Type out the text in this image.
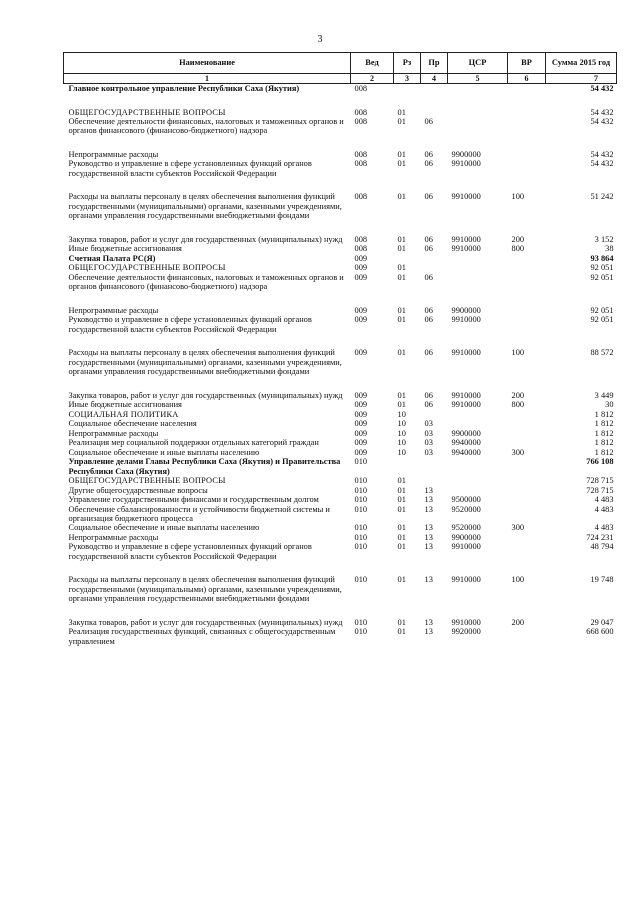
3
Наименование	Вед	Рз	Пр	ЦСР	ВР	Сумма 2015 год
1	2	3	4	5	6	7
Главное контрольное управление Республики Саха (Якутия)	008					54 432

ОБЩЕГОСУДАРСТВЕННЫЕ ВОПРОСЫ	008	01				54 432
Обеспечение деятельности финансовых, налоговых и таможенных органов и органов финансового (финансово-бюджетного) надзора	008	01	06			54 432

Непрограммные расходы	008	01	06	9900000		54 432
Руководство и управление в сфере установленных функций органов государственной власти субъектов Российской Федерации	008	01	06	9910000		54 432

Расходы на выплаты персоналу в целях обеспечения выполнения функций государственными (муниципальными) органами, казенными учреждениями, органами управления государственными внебюджетными фондами	008	01	06	9910000	100	51 242

Закупка товаров, работ и услуг для государственных (муниципальных) нужд	008	01	06	9910000	200	3 152
Иные бюджетные ассигнования	008	01	06	9910000	800	38
Счетная Палата РС(Я)	009					93 864
ОБЩЕГОСУДАРСТВЕННЫЕ ВОПРОСЫ	009	01				92 051
Обеспечение деятельности финансовых, налоговых и таможенных органов и органов финансового (финансово-бюджетного) надзора	009	01	06			92 051

Непрограммные расходы	009	01	06	9900000		92 051
Руководство и управление в сфере установленных функций органов государственной власти субъектов Российской Федерации	009	01	06	9910000		92 051

Расходы на выплаты персоналу в целях обеспечения выполнения функций государственными (муниципальными) органами, казенными учреждениями, органами управления государственными внебюджетными фондами	009	01	06	9910000	100	88 572

Закупка товаров, работ и услуг для государственных (муниципальных) нужд	009	01	06	9910000	200	3 449
Иные бюджетные ассигнования	009	01	06	9910000	800	30
СОЦИАЛЬНАЯ ПОЛИТИКА	009	10				1 812
Социальное обеспечение населения	009	10	03			1 812
Непрограммные расходы	009	10	03	9900000		1 812
Реализация мер социальной поддержки отдельных категорий граждан	009	10	03	9940000		1 812
Социальное обеспечение и иные выплаты населению	009	10	03	9940000	300	1 812
Управление делами Главы Республики Саха (Якутия) и Правительства Республики Саха (Якутия)	010					766 108
ОБЩЕГОСУДАРСТВЕННЫЕ ВОПРОСЫ	010	01				728 715
Другие общегосударственные вопросы	010	01	13			728 715
Управление государственными финансами и государственным долгом	010	01	13	9500000		4 483
Обеспечение сбалансированности и устойчивости бюджетной системы и организация бюджетного процесса	010	01	13	9520000		4 483
Социальное обеспечение и иные выплаты населению	010	01	13	9520000	300	4 483
Непрограммные расходы	010	01	13	9900000		724 231
Руководство и управление в сфере установленных функций органов государственной власти субъектов Российской Федерации	010	01	13	9910000		48 794

Расходы на выплаты персоналу в целях обеспечения выполнения функций государственными (муниципальными) органами, казенными учреждениями, органами управления государственными внебюджетными фондами	010	01	13	9910000	100	19 748

Закупка товаров, работ и услуг для государственных (муниципальных) нужд	010	01	13	9910000	200	29 047
Реализация государственных функций, связанных с общегосударственным управлением	010	01	13	9920000		668 600
